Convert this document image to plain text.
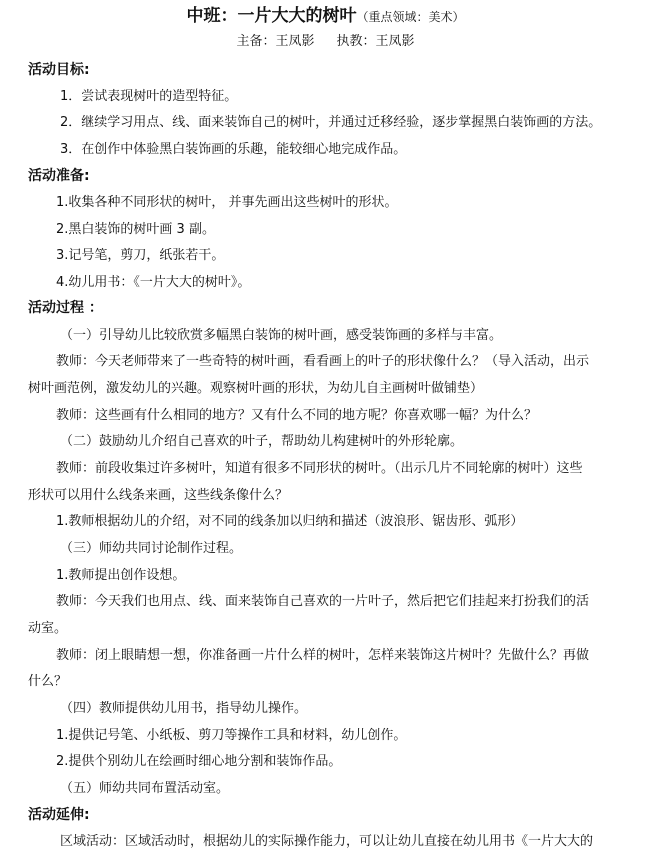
中班：一片大大的树叶（重点领域：美术）
主备：王凤影 执教：王凤影
活动目标:
1．尝试表现树叶的造型特征。
2．继续学习用点、线、面来装饰自己的树叶，并通过迁移经验，逐步掌握黑白装饰画的方法。
3．在创作中体验黑白装饰画的乐趣，能较细心地完成作品。
活动准备:
1.收集各种不同形状的树叶， 并事先画出这些树叶的形状。
2.黑白装饰的树叶画 3 副。
3.记号笔，剪刀，纸张若干。
4.幼儿用书：《一片大大的树叶》。
活动过程 ：
（一）引导幼儿比较欣赏多幅黑白装饰的树叶画，感受装饰画的多样与丰富。
教师：今天老师带来了一些奇特的树叶画，看看画上的叶子的形状像什么？（导入活动，出示
树叶画范例，激发幼儿的兴趣。观察树叶画的形状，为幼儿自主画树叶做铺垫）
教师：这些画有什么相同的地方？又有什么不同的地方呢？你喜欢哪一幅？为什么？
（二）鼓励幼儿介绍自己喜欢的叶子，帮助幼儿构建树叶的外形轮廓。
教师：前段收集过许多树叶，知道有很多不同形状的树叶。（出示几片不同轮廓的树叶）这些
形状可以用什么线条来画，这些线条像什么？
1.教师根据幼儿的介绍，对不同的线条加以归纳和描述（波浪形、锯齿形、弧形）
（三）师幼共同讨论制作过程。
1.教师提出创作设想。
教师：今天我们也用点、线、面来装饰自己喜欢的一片叶子，然后把它们挂起来打扮我们的活
动室。
教师：闭上眼睛想一想，你准备画一片什么样的树叶，怎样来装饰这片树叶？先做什么？再做
什么？
（四）教师提供幼儿用书，指导幼儿操作。
1.提供记号笔、小纸板、剪刀等操作工具和材料，幼儿创作。
2.提供个别幼儿在绘画时细心地分割和装饰作品。
（五）师幼共同布置活动室。
活动延伸:
区域活动：区域活动时，根据幼儿的实际操作能力，可以让幼儿直接在幼儿用书《一片大大的
